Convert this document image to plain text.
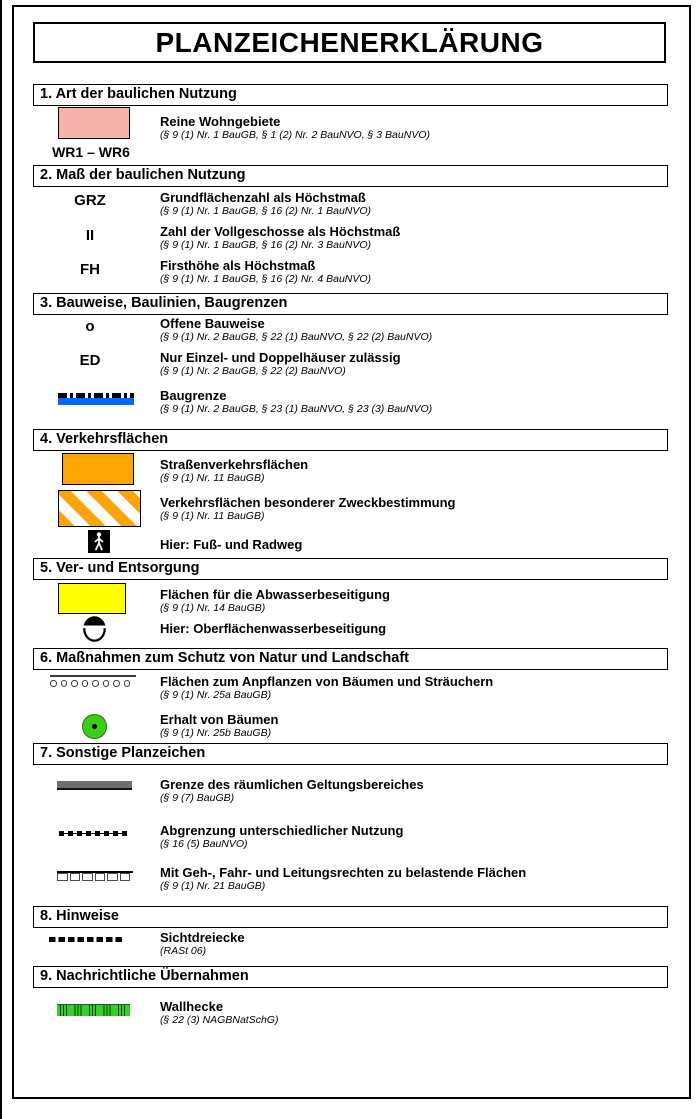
PLANZEICHENERKLÄRUNG
1. Art der baulichen Nutzung
WR1 – WR6
Reine Wohngebiete
(§ 9 (1) Nr. 1 BauGB, § 1 (2) Nr. 2 BauNVO, § 3 BauNVO)
2. Maß der baulichen Nutzung
GRZ	Grundflächenzahl als Höchstmaß
(§ 9 (1) Nr. 1 BauGB, § 16 (2) Nr. 1 BauNVO)
II	Zahl der Vollgeschosse als Höchstmaß
(§ 9 (1) Nr. 1 BauGB, § 16 (2) Nr. 3 BauNVO)
FH	Firsthöhe als Höchstmaß
(§ 9 (1) Nr. 1 BauGB, § 16 (2) Nr. 4 BauNVO)
3. Bauweise, Baulinien, Baugrenzen
o	Offene Bauweise
(§ 9 (1) Nr. 2 BauGB, § 22 (1) BauNVO, § 22 (2) BauNVO)
ED	Nur Einzel- und Doppelhäuser zulässig
(§ 9 (1) Nr. 2 BauGB, § 22 (2) BauNVO)
Baugrenze
(§ 9 (1) Nr. 2 BauGB, § 23 (1) BauNVO, § 23 (3) BauNVO)
4. Verkehrsflächen
Straßenverkehrsflächen
(§ 9 (1) Nr. 11 BauGB)
Verkehrsflächen besonderer Zweckbestimmung
(§ 9 (1) Nr. 11 BauGB)
Hier: Fuß- und Radweg
5. Ver- und Entsorgung
Flächen für die Abwasserbeseitigung
(§ 9 (1) Nr. 14 BauGB)
Hier: Oberflächenwasserbeseitigung
6. Maßnahmen zum Schutz von Natur und Landschaft
Flächen zum Anpflanzen von Bäumen und Sträuchern
(§ 9 (1) Nr. 25a BauGB)
Erhalt von Bäumen
(§ 9 (1) Nr. 25b BauGB)
7. Sonstige Planzeichen
Grenze des räumlichen Geltungsbereiches
(§ 9 (7) BauGB)
Abgrenzung unterschiedlicher Nutzung
(§ 16 (5) BauNVO)
Mit Geh-, Fahr- und Leitungsrechten zu belastende Flächen
(§ 9 (1) Nr. 21 BauGB)
8. Hinweise
Sichtdreiecke
(RASt 06)
9. Nachrichtliche Übernahmen
Wallhecke
(§ 22 (3) NAGBNatSchG)
